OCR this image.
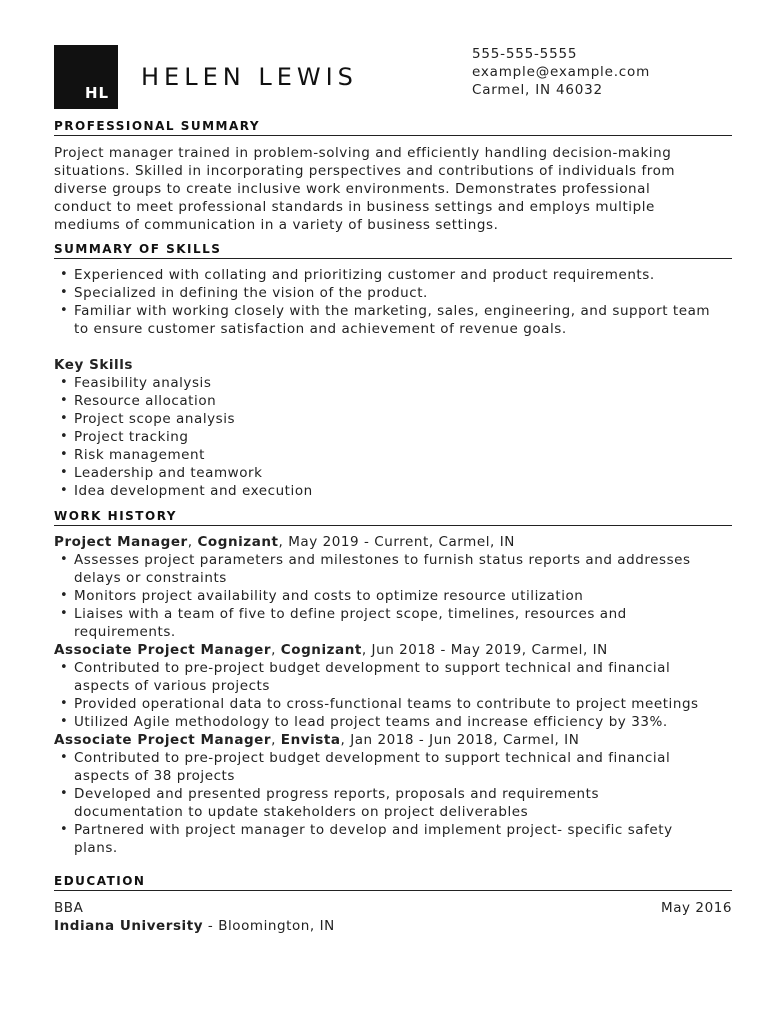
HL
HELEN LEWIS
555-555-5555
example@example.com
Carmel, IN 46032
PROFESSIONAL SUMMARY
Project manager trained in problem-solving and efficiently handling decision-making
situations. Skilled in incorporating perspectives and contributions of individuals from
diverse groups to create inclusive work environments. Demonstrates professional
conduct to meet professional standards in business settings and employs multiple
mediums of communication in a variety of business settings.
SUMMARY OF SKILLS
• Experienced with collating and prioritizing customer and product requirements.
• Specialized in defining the vision of the product.
• Familiar with working closely with the marketing, sales, engineering, and support team
to ensure customer satisfaction and achievement of revenue goals.
Key Skills
• Feasibility analysis
• Resource allocation
• Project scope analysis
• Project tracking
• Risk management
• Leadership and teamwork
• Idea development and execution
WORK HISTORY
Project Manager, Cognizant, May 2019 - Current, Carmel, IN
• Assesses project parameters and milestones to furnish status reports and addresses
delays or constraints
• Monitors project availability and costs to optimize resource utilization
• Liaises with a team of five to define project scope, timelines, resources and
requirements.
Associate Project Manager, Cognizant, Jun 2018 - May 2019, Carmel, IN
• Contributed to pre-project budget development to support technical and financial
aspects of various projects
• Provided operational data to cross-functional teams to contribute to project meetings
• Utilized Agile methodology to lead project teams and increase efficiency by 33%.
Associate Project Manager, Envista, Jan 2018 - Jun 2018, Carmel, IN
• Contributed to pre-project budget development to support technical and financial
aspects of 38 projects
• Developed and presented progress reports, proposals and requirements
documentation to update stakeholders on project deliverables
• Partnered with project manager to develop and implement project- specific safety
plans.
EDUCATION
BBA	May 2016
Indiana University - Bloomington, IN
